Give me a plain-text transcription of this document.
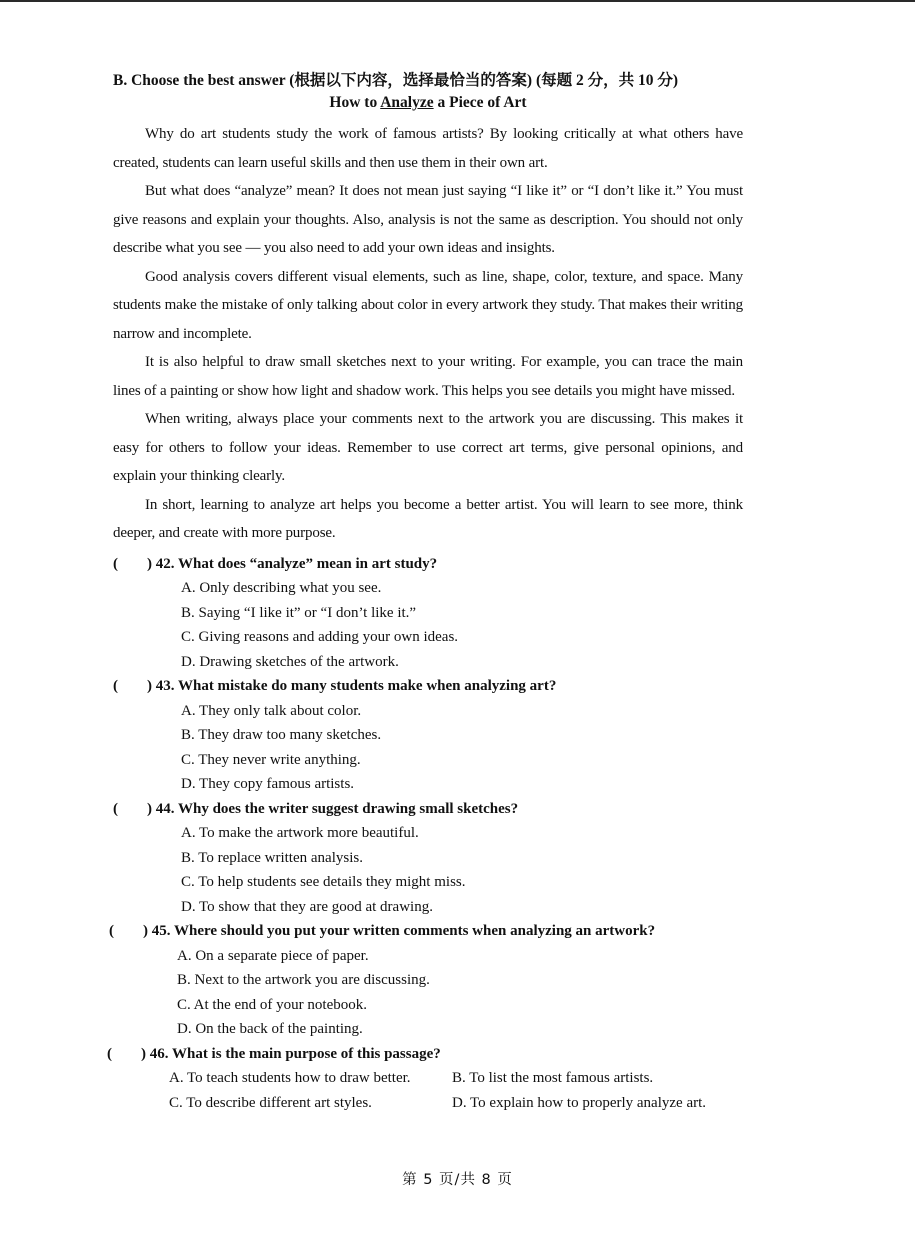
B. Choose the best answer (根据以下内容，选择最恰当的答案) (每题 2 分，共 10 分)

How to Analyze a Piece of Art

Why do art students study the work of famous artists? By looking critically at what others have created, students can learn useful skills and then use them in their own art.

But what does “analyze” mean? It does not mean just saying “I like it” or “I don’t like it.” You must give reasons and explain your thoughts. Also, analysis is not the same as description. You should not only describe what you see — you also need to add your own ideas and insights.

Good analysis covers different visual elements, such as line, shape, color, texture, and space. Many students make the mistake of only talking about color in every artwork they study. That makes their writing narrow and incomplete.

It is also helpful to draw small sketches next to your writing. For example, you can trace the main lines of a painting or show how light and shadow work. This helps you see details you might have missed.

When writing, always place your comments next to the artwork you are discussing. This makes it easy for others to follow your ideas. Remember to use correct art terms, give personal opinions, and explain your thinking clearly.

In short, learning to analyze art helps you become a better artist. You will learn to see more, think deeper, and create with more purpose.

( ) 42. What does “analyze” mean in art study?

A. Only describing what you see.
B. Saying “I like it” or “I don’t like it.”
C. Giving reasons and adding your own ideas.
D. Drawing sketches of the artwork.

( ) 43. What mistake do many students make when analyzing art?

A. They only talk about color.
B. They draw too many sketches.
C. They never write anything.
D. They copy famous artists.

( ) 44. Why does the writer suggest drawing small sketches?

A. To make the artwork more beautiful.
B. To replace written analysis.
C. To help students see details they might miss.
D. To show that they are good at drawing.

( ) 45. Where should you put your written comments when analyzing an artwork?

A. On a separate piece of paper.
B. Next to the artwork you are discussing.
C. At the end of your notebook.
D. On the back of the painting.

( ) 46. What is the main purpose of this passage?

A. To teach students how to draw better.	B. To list the most famous artists.
C. To describe different art styles.	D. To explain how to properly analyze art.
第 5 页/共 8 页
